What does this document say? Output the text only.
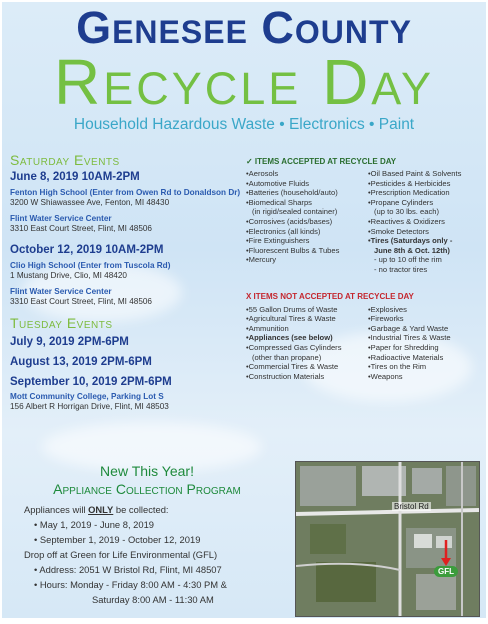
Genesee County
Recycle Day
Household Hazardous Waste • Electronics • Paint
Saturday Events
June 8, 2019 10AM-2PM
Fenton High School (Enter from Owen Rd to Donaldson Dr)
3200 W Shiawassee Ave, Fenton, MI 48430
Flint Water Service Center
3310 East Court Street, Flint, MI 48506
October 12, 2019 10AM-2PM
Clio High School (Enter from Tuscola Rd)
1 Mustang Drive, Clio, MI 48420
Flint Water Service Center
3310 East Court Street, Flint, MI 48506
Tuesday Events
July 9, 2019 2PM-6PM
August 13, 2019 2PM-6PM
September 10, 2019 2PM-6PM
Mott Community College, Parking Lot S
156 Albert R Horrigan Drive, Flint, MI 48503
✓ ITEMS ACCEPTED AT RECYCLE DAY
•Aerosols
•Automotive Fluids
•Batteries (household/auto)
•Biomedical Sharps
(in rigid/sealed container)
•Corrosives (acids/bases)
•Electronics (all kinds)
•Fire Extinguishers
•Fluorescent Bulbs & Tubes
•Mercury
•Oil Based Paint & Solvents
•Pesticides & Herbicides
•Prescription Medication
•Propane Cylinders
(up to 30 lbs. each)
•Reactives & Oxidizers
•Smoke Detectors
•Tires (Saturdays only -
June 8th & Oct. 12th)
- up to 10 off the rim
- no tractor tires
X ITEMS NOT ACCEPTED AT RECYCLE DAY
•55 Gallon Drums of Waste
•Agricultural Tires & Waste
•Ammunition
•Appliances (see below)
•Compressed Gas Cylinders
(other than propane)
•Commercial Tires & Waste
•Construction Materials
•Explosives
•Fireworks
•Garbage & Yard Waste
•Industrial Tires & Waste
•Paper for Shredding
•Radioactive Materials
•Tires on the Rim
•Weapons
New This Year!
Appliance Collection Program
Appliances will ONLY be collected:
• May 1, 2019 - June 8, 2019
• September 1, 2019 - October 12, 2019
Drop off at Green for Life Environmental (GFL)
• Address: 2051 W Bristol Rd, Flint, MI 48507
• Hours: Monday - Friday 8:00 AM - 4:30 PM &
Saturday 8:00 AM - 11:30 AM
Bristol Rd
GFL
